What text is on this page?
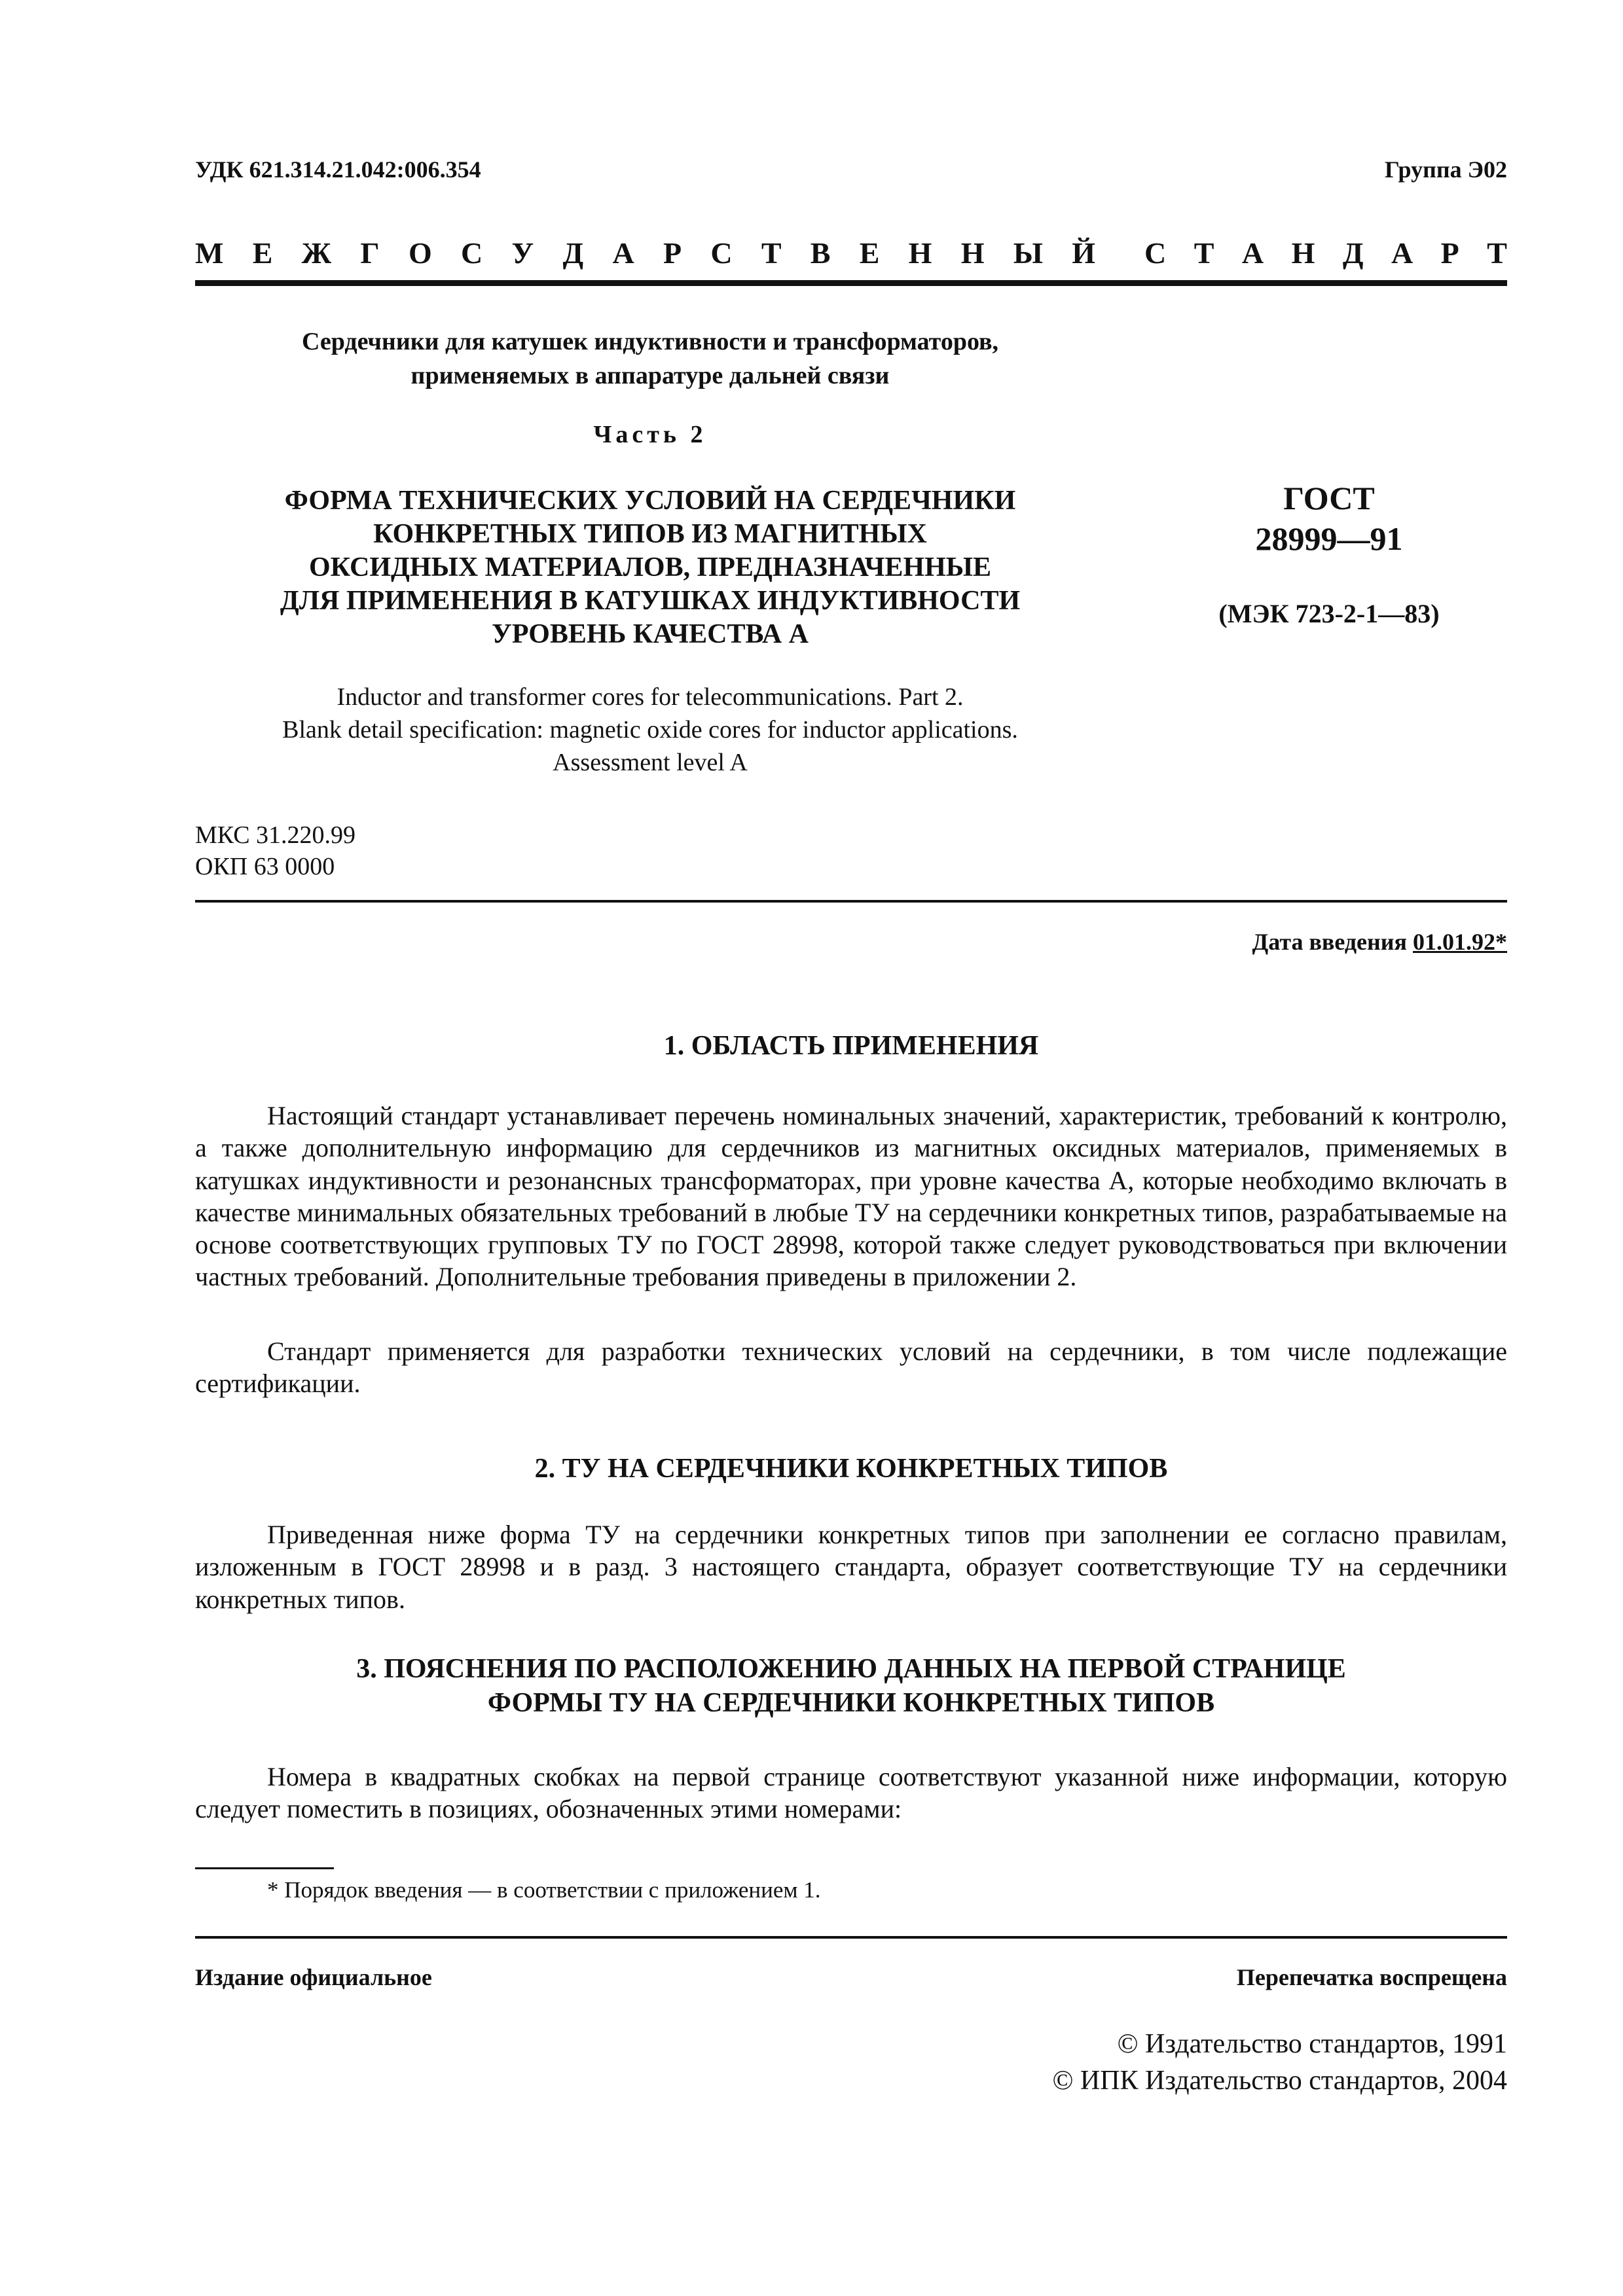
УДК 621.314.21.042:006.354	Группа Э02
М Е Ж Г О С У Д А Р С Т В Е Н Н Ы Й С Т А Н Д А Р Т
Сердечники для катушек индуктивности и трансформаторов,
применяемых в аппаратуре дальней связи
Часть 2
ФОРМА ТЕХНИЧЕСКИХ УСЛОВИЙ НА СЕРДЕЧНИКИ
КОНКРЕТНЫХ ТИПОВ ИЗ МАГНИТНЫХ
ОКСИДНЫХ МАТЕРИАЛОВ, ПРЕДНАЗНАЧЕННЫЕ
ДЛЯ ПРИМЕНЕНИЯ В КАТУШКАХ ИНДУКТИВНОСТИ
УРОВЕНЬ КАЧЕСТВА А
ГОСТ
28999—91
(МЭК 723-2-1—83)
Inductor and transformer cores for telecommunications. Part 2.
Blank detail specification: magnetic oxide cores for inductor applications.
Assessment level A
МКС 31.220.99
ОКП 63 0000
Дата введения 01.01.92*
1. ОБЛАСТЬ ПРИМЕНЕНИЯ
Настоящий стандарт устанавливает перечень номинальных значений, характеристик, требований к контролю, а также дополнительную информацию для сердечников из магнитных оксидных материалов, применяемых в катушках индуктивности и резонансных трансформаторах, при уровне качества А, которые необходимо включать в качестве минимальных обязательных требований в любые ТУ на сердечники конкретных типов, разрабатываемые на основе соответствующих групповых ТУ по ГОСТ 28998, которой также следует руководствоваться при включении частных требований. Дополнительные требования приведены в приложении 2.
Стандарт применяется для разработки технических условий на сердечники, в том числе подлежащие сертификации.
2. ТУ НА СЕРДЕЧНИКИ КОНКРЕТНЫХ ТИПОВ
Приведенная ниже форма ТУ на сердечники конкретных типов при заполнении ее согласно правилам, изложенным в ГОСТ 28998 и в разд. 3 настоящего стандарта, образует соответствующие ТУ на сердечники конкретных типов.
3. ПОЯСНЕНИЯ ПО РАСПОЛОЖЕНИЮ ДАННЫХ НА ПЕРВОЙ СТРАНИЦЕ
ФОРМЫ ТУ НА СЕРДЕЧНИКИ КОНКРЕТНЫХ ТИПОВ
Номера в квадратных скобках на первой странице соответствуют указанной ниже информации, которую следует поместить в позициях, обозначенных этими номерами:
* Порядок введения — в соответствии с приложением 1.
Издание официальное	Перепечатка воспрещена
© Издательство стандартов, 1991
© ИПК Издательство стандартов, 2004
